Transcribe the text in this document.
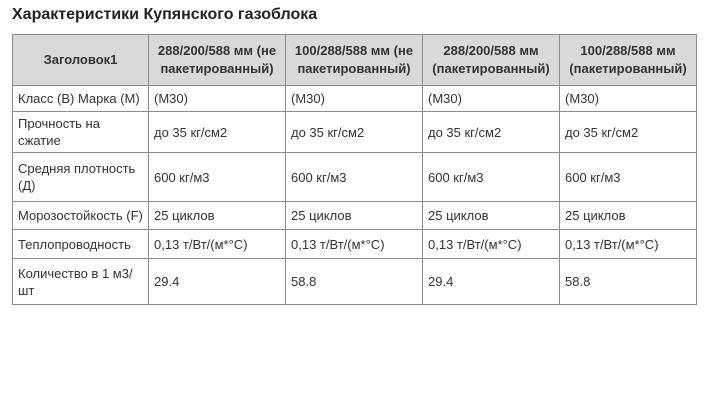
Характеристики Купянского газоблока
Заголовок1	288/200/588 мм (не пакетированный)	100/288/588 мм (не пакетированный)	288/200/588 мм (пакетированный)	100/288/588 мм (пакетированный)
Класс (В) Марка (М)	(М30)	(М30)	(М30)	(М30)
Прочность на сжатие	до 35 кг/см2	до 35 кг/см2	до 35 кг/см2	до 35 кг/см2
Средняя плотность (Д)	600 кг/м3	600 кг/м3	600 кг/м3	600 кг/м3
Морозостойкость (F)	25 циклов	25 циклов	25 циклов	25 циклов
Теплопроводность	0,13 т/Вт/(м*°С)	0,13 т/Вт/(м*°С)	0,13 т/Вт/(м*°С)	0,13 т/Вт/(м*°С)
Количество в 1 м3/шт	29.4	58.8	29.4	58.8
